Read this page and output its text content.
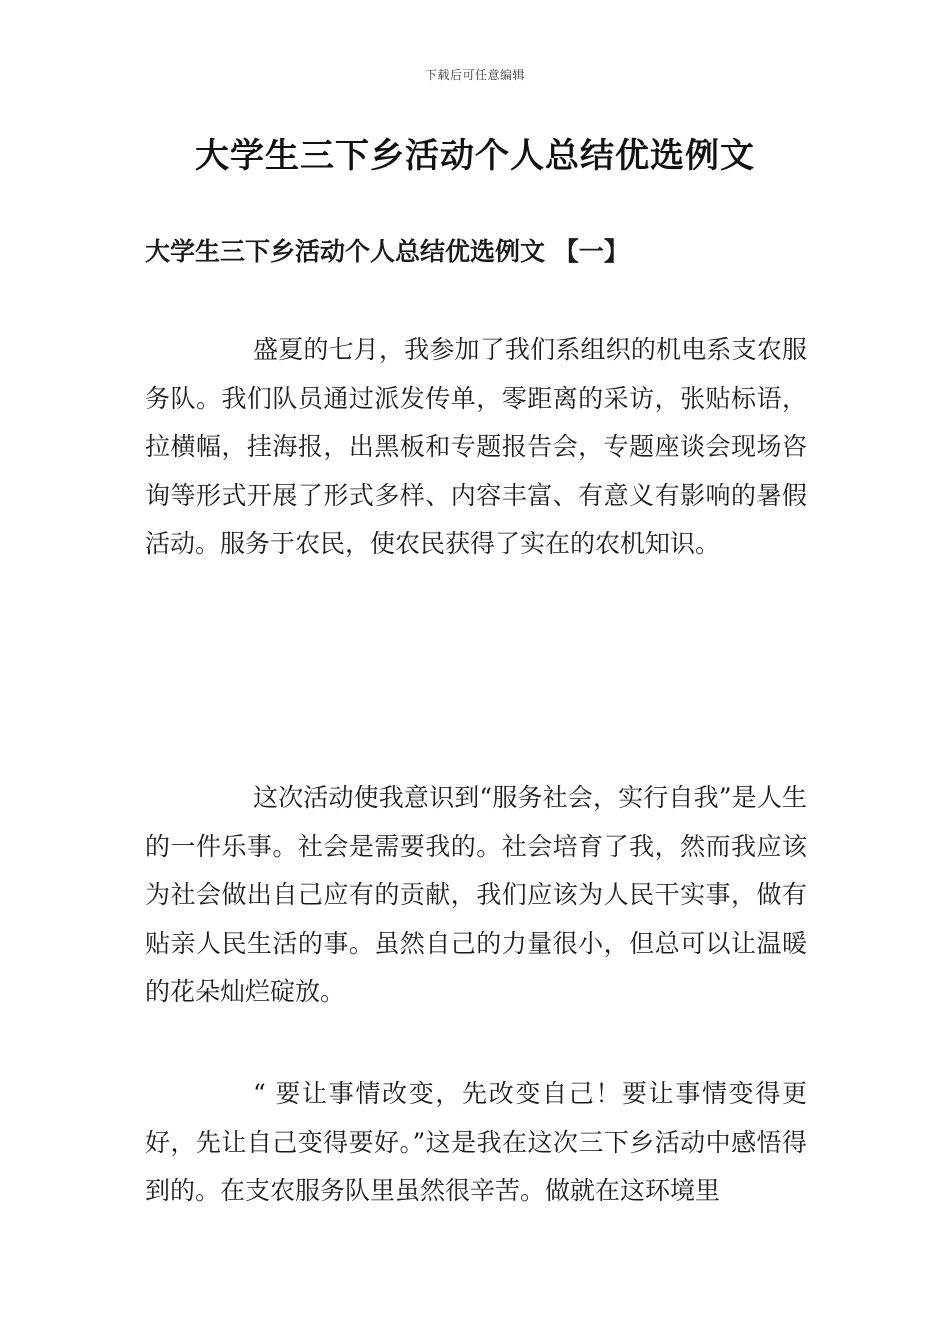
下载后可任意编辑
大学生三下乡活动个人总结优选例文
大学生三下乡活动个人总结优选例文 【一】

盛夏的七月，我参加了我们系组织的机电系支农服务队。我们队员通过派发传单，零距离的采访，张贴标语，拉横幅，挂海报，出黑板和专题报告会，专题座谈会现场咨询等形式开展了形式多样、内容丰富、有意义有影响的暑假活动。服务于农民，使农民获得了实在的农机知识。

这次活动使我意识到“服务社会，实行自我”是人生的一件乐事。社会是需要我的。社会培育了我，然而我应该为社会做出自己应有的贡献，我们应该为人民干实事，做有贴亲人民生活的事。虽然自己的力量很小，但总可以让温暖的花朵灿烂碇放。

“ 要让事情改变，先改变自己！要让事情变得更好，先让自己变得要好。”这是我在这次三下乡活动中感悟得到的。在支农服务队里虽然很辛苦。做就在这环境里
